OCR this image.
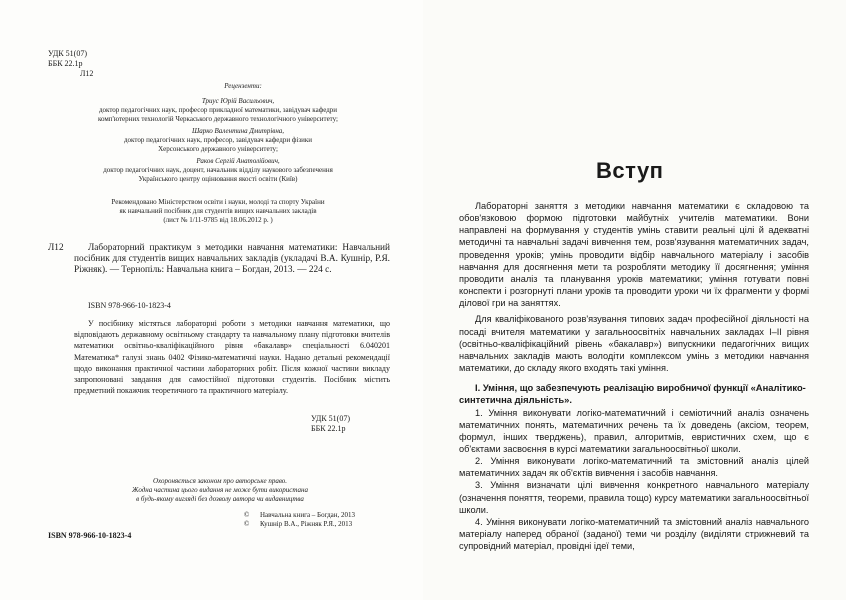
УДК 51(07)
ББК 22.1р
Л12
Рецензенти:
Триус Юрій Васильович,
доктор педагогічних наук, професор прикладної математики, завідувач кафедри
комп'ютерних технологій Черкаського державного технологічного університету;
Шарко Валентина Дмитрівна,
доктор педагогічних наук, професор, завідувач кафедри фізики
Херсонського державного університету;
Раков Сергій Анатолійович,
доктор педагогічних наук, доцент, начальник відділу наукового забезпечення
Українського центру оцінювання якості освіти (Київ)
Рекомендовано Міністерством освіти і науки, молоді та спорту України
як навчальний посібник для студентів вищих навчальних закладів
(лист № 1/11-9785 від 18.06.2012 р. )
Л12	Лабораторний практикум з методики навчання математики: Навчальний посібник для студентів вищих навчальних закладів (укладачі В.А. Кушнір, Р.Я. Ріжняк). — Тернопіль: Навчальна книга – Богдан, 2013. — 224 с.
ISBN 978-966-10-1823-4
У посібнику містяться лабораторні роботи з методики навчання математики, що відповідають державному освітньому стандарту та навчальному плану підготовки вчителів математики освітньо-кваліфікаційного рівня «бакалавр» спеціальності 6.040201 Математика* галузі знань 0402 Фізико-математичні науки. Надано детальні рекомендації щодо виконання практичної частини лабораторних робіт. Після кожної частини викладу запропоновані завдання для самостійної підготовки студентів. Посібник містить предметний покажчик теоретичного та практичного матеріалу.
УДК 51(07)
ББК 22.1р
Охороняється законом про авторське право.
Жодна частина цього видання не може бути використана
в будь-якому вигляді без дозволу автора чи видавництва
© Навчальна книга – Богдан, 2013
© Кушнір В.А., Ріжняк Р.Я., 2013
ISBN 978-966-10-1823-4
Вступ

Лабораторні заняття з методики навчання математики є складовою та обов'язковою формою підготовки майбутніх учителів математики. Вони направлені на формування у студентів умінь ставити реальні цілі й адекватні методичні та навчальні задачі вивчення тем, розв'язування математичних задач, проведення уроків; умінь проводити відбір навчального матеріалу і засобів навчання для досягнення мети та розробляти методику її досягнення; уміння проводити аналіз та планування уроків математики; уміння готувати повні конспекти і розгорнуті плани уроків та проводити уроки чи їх фрагменти у формі ділової гри на заняттях.

Для кваліфікованого розв'язування типових задач професійної діяльності на посаді вчителя математики у загальноосвітніх навчальних закладах I–II рівня (освітньо-кваліфікаційний рівень «бакалавр») випускники педагогічних вищих навчальних закладів мають володіти комплексом умінь з методики навчання математики, до складу якого входять такі уміння.

I. Уміння, що забезпечують реалізацію виробничої функції «Аналітико-синтетична діяльність».

1. Уміння виконувати логіко-математичний і семіотичний аналіз означень математичних понять, математичних речень та їх доведень (аксіом, теорем, формул, інших тверджень), правил, алгоритмів, евристичних схем, що є об'єктами засвоєння в курсі математики загальноосвітньої школи.

2. Уміння виконувати логіко-математичний та змістовний аналіз цілей математичних задач як об'єктів вивчення і засобів навчання.

3. Уміння визначати цілі вивчення конкретного навчального матеріалу (означення поняття, теореми, правила тощо) курсу математики загальноосвітньої школи.

4. Уміння виконувати логіко-математичний та змістовний аналіз навчального матеріалу наперед обраної (заданої) теми чи розділу (виділяти стрижневий та супровідний матеріал, провідні ідеї теми,
